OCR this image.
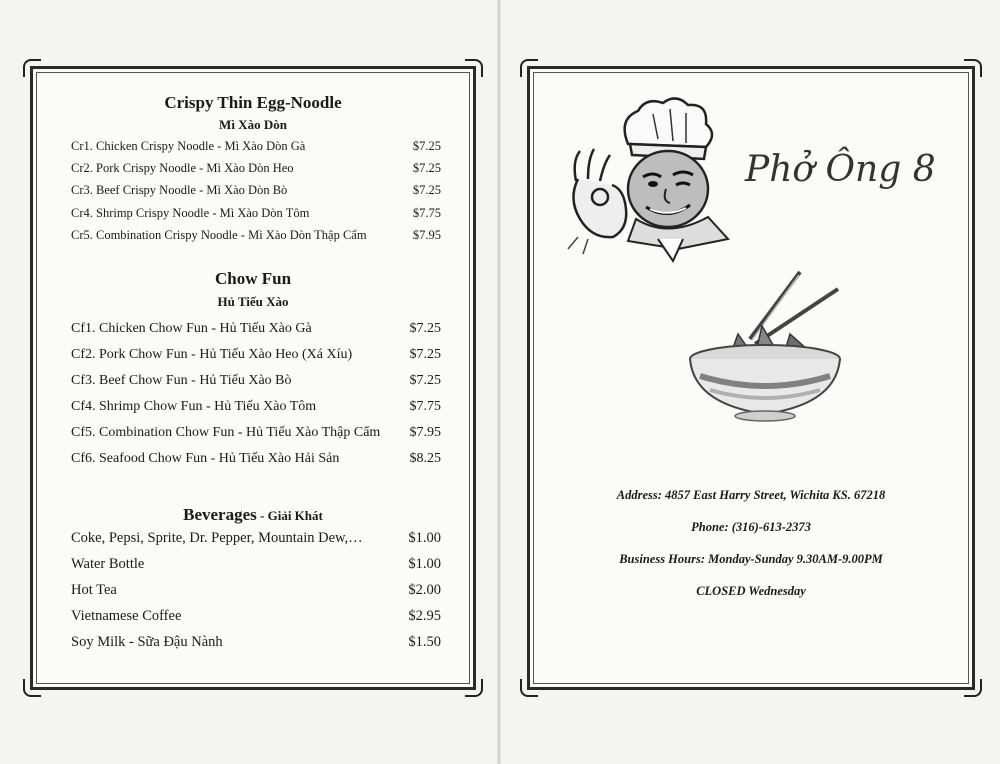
Crispy Thin Egg-Noodle
Mì Xào Dòn
Cr1. Chicken Crispy Noodle - Mì Xào Dòn Gà	$7.25
Cr2. Pork Crispy Noodle - Mì Xào Dòn Heo	$7.25
Cr3. Beef Crispy Noodle - Mì Xào Dòn Bò	$7.25
Cr4. Shrimp Crispy Noodle - Mì Xào Dòn Tôm	$7.75
Cr5. Combination Crispy Noodle - Mì Xào Dòn Thập Cẩm	$7.95
Chow Fun
Hủ Tiếu Xào
Cf1. Chicken Chow Fun - Hủ Tiếu Xào Gà	$7.25
Cf2. Pork Chow Fun - Hủ Tiếu Xào Heo (Xá Xíu)	$7.25
Cf3. Beef Chow Fun - Hủ Tiếu Xào Bò	$7.25
Cf4. Shrimp Chow Fun - Hủ Tiếu Xào Tôm	$7.75
Cf5. Combination Chow Fun - Hủ Tiếu Xào Thập Cẩm $7.95
Cf6. Seafood Chow Fun - Hủ Tiếu Xào Hải Sản	$8.25
Beverages - Giải Khát
Coke, Pepsi, Sprite, Dr. Pepper, Mountain Dew,…	$1.00
Water Bottle	$1.00
Hot Tea	$2.00
Vietnamese Coffee	$2.95
Soy Milk - Sữa Đậu Nành	$1.50
Phở Ông 8
Address: 4857 East Harry Street, Wichita KS. 67218
Phone: (316)-613-2373
Business Hours: Monday-Sunday 9.30AM-9.00PM
CLOSED Wednesday
